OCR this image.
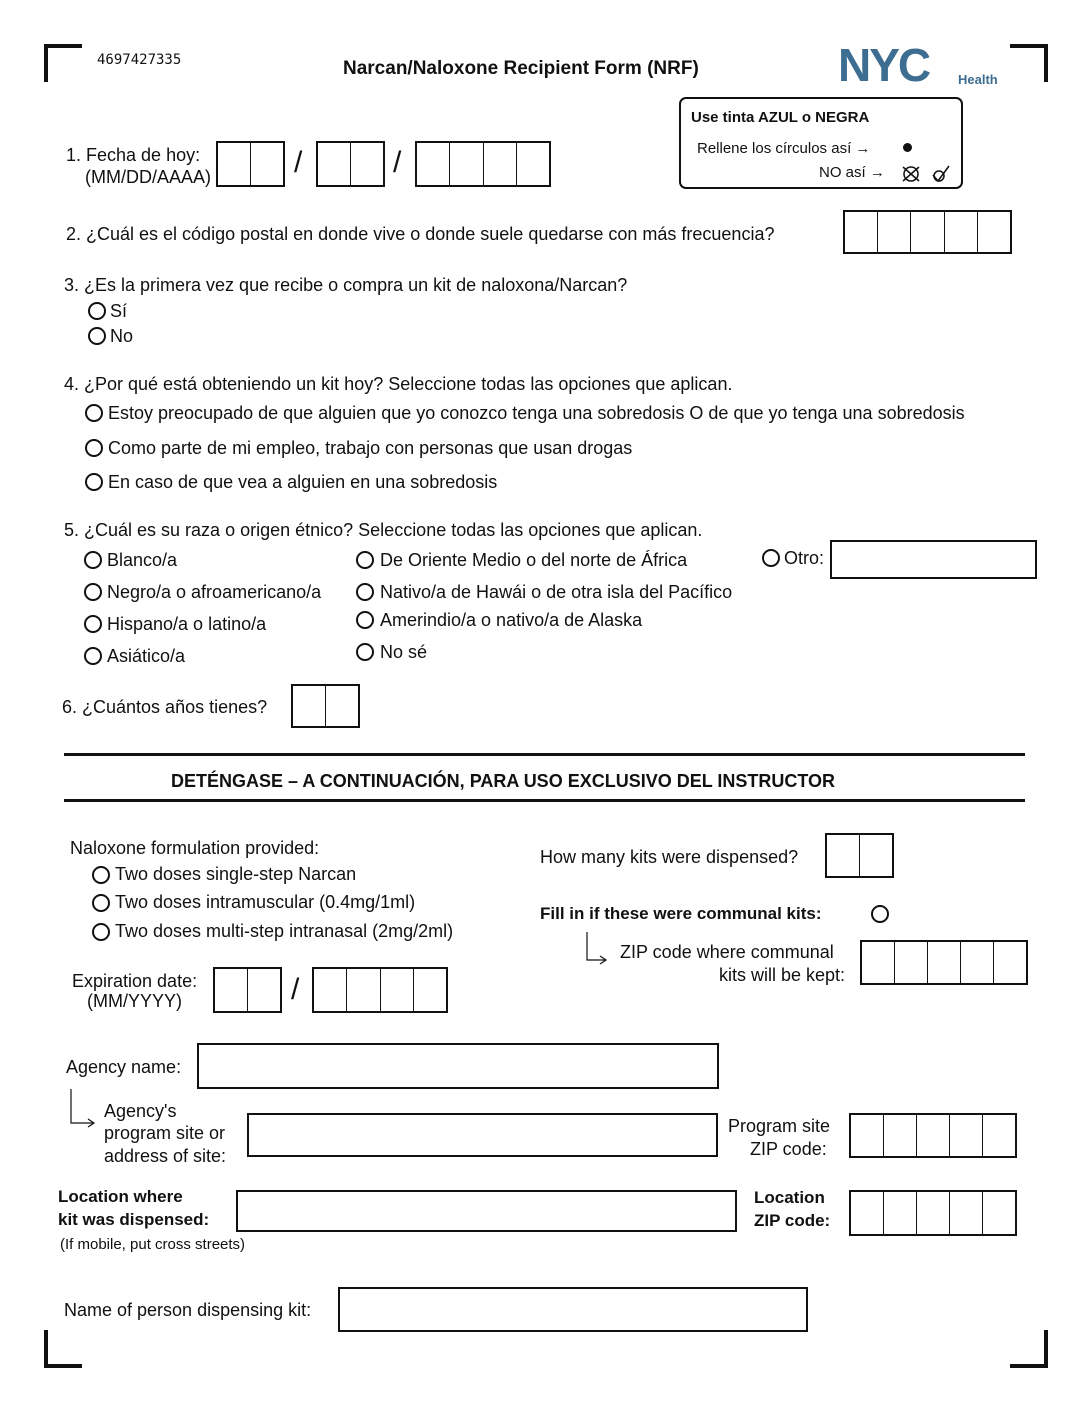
4697427335	Narcan/Naloxone Recipient Form (NRF)	NYC Health
Use tinta AZUL o NEGRA
Rellene los círculos así →
NO así →
1. Fecha de hoy:
(MM/DD/AAAA)	/	/
2. ¿Cuál es el código postal en donde vive o donde suele quedarse con más frecuencia?
3. ¿Es la primera vez que recibe o compra un kit de naloxona/Narcan?
Sí
No
4. ¿Por qué está obteniendo un kit hoy? Seleccione todas las opciones que aplican.
Estoy preocupado de que alguien que yo conozco tenga una sobredosis O de que yo tenga una sobredosis
Como parte de mi empleo, trabajo con personas que usan drogas
En caso de que vea a alguien en una sobredosis
5. ¿Cuál es su raza o origen étnico? Seleccione todas las opciones que aplican.
Blanco/a
Negro/a o afroamericano/a
Hispano/a o latino/a
Asiático/a
De Oriente Medio o del norte de África
Nativo/a de Hawái o de otra isla del Pacífico
Amerindio/a o nativo/a de Alaska
No sé
Otro:
6. ¿Cuántos años tienes?
DETÉNGASE – A CONTINUACIÓN, PARA USO EXCLUSIVO DEL INSTRUCTOR
Naloxone formulation provided:
Two doses single-step Narcan
Two doses intramuscular (0.4mg/1ml)
Two doses multi-step intranasal (2mg/2ml)
How many kits were dispensed?
Fill in if these were communal kits:
ZIP code where communal
kits will be kept:
Expiration date:
(MM/YYYY)	/
Agency name:
Agency's
program site or
address of site:
Program site
ZIP code:
Location where
kit was dispensed:
(If mobile, put cross streets)
Location
ZIP code:
Name of person dispensing kit:
